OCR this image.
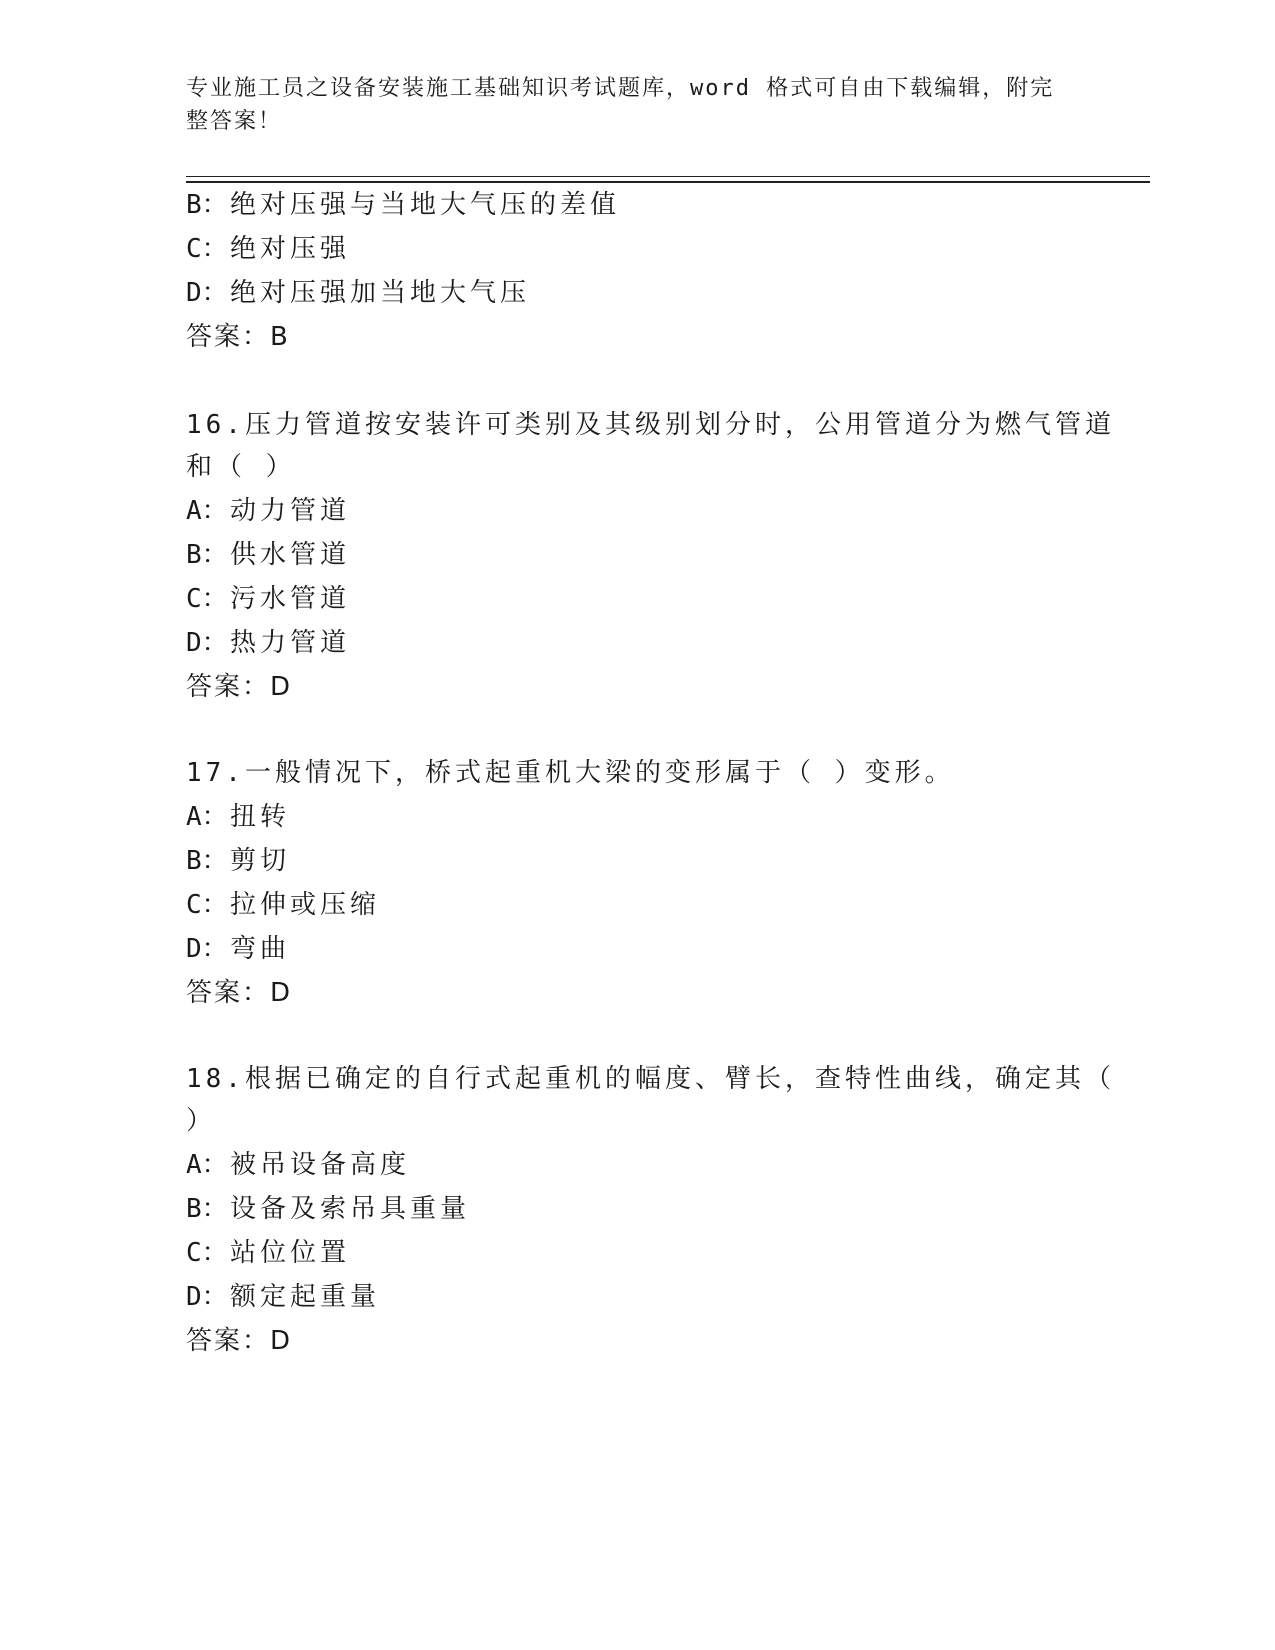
专业施工员之设备安装施工基础知识考试题库，word 格式可自由下载编辑，附完整答案！
B：绝对压强与当地大气压的差值
C：绝对压强
D：绝对压强加当地大气压
答案：B
16.压力管道按安装许可类别及其级别划分时，公用管道分为燃气管道
和（ ）
A：动力管道
B：供水管道
C：污水管道
D：热力管道
答案：D
17.一般情况下，桥式起重机大梁的变形属于（ ）变形。
A：扭转
B：剪切
C：拉伸或压缩
D：弯曲
答案：D
18.根据已确定的自行式起重机的幅度、臂长，查特性曲线，确定其（
）
A：被吊设备高度
B：设备及索吊具重量
C：站位位置
D：额定起重量
答案：D
